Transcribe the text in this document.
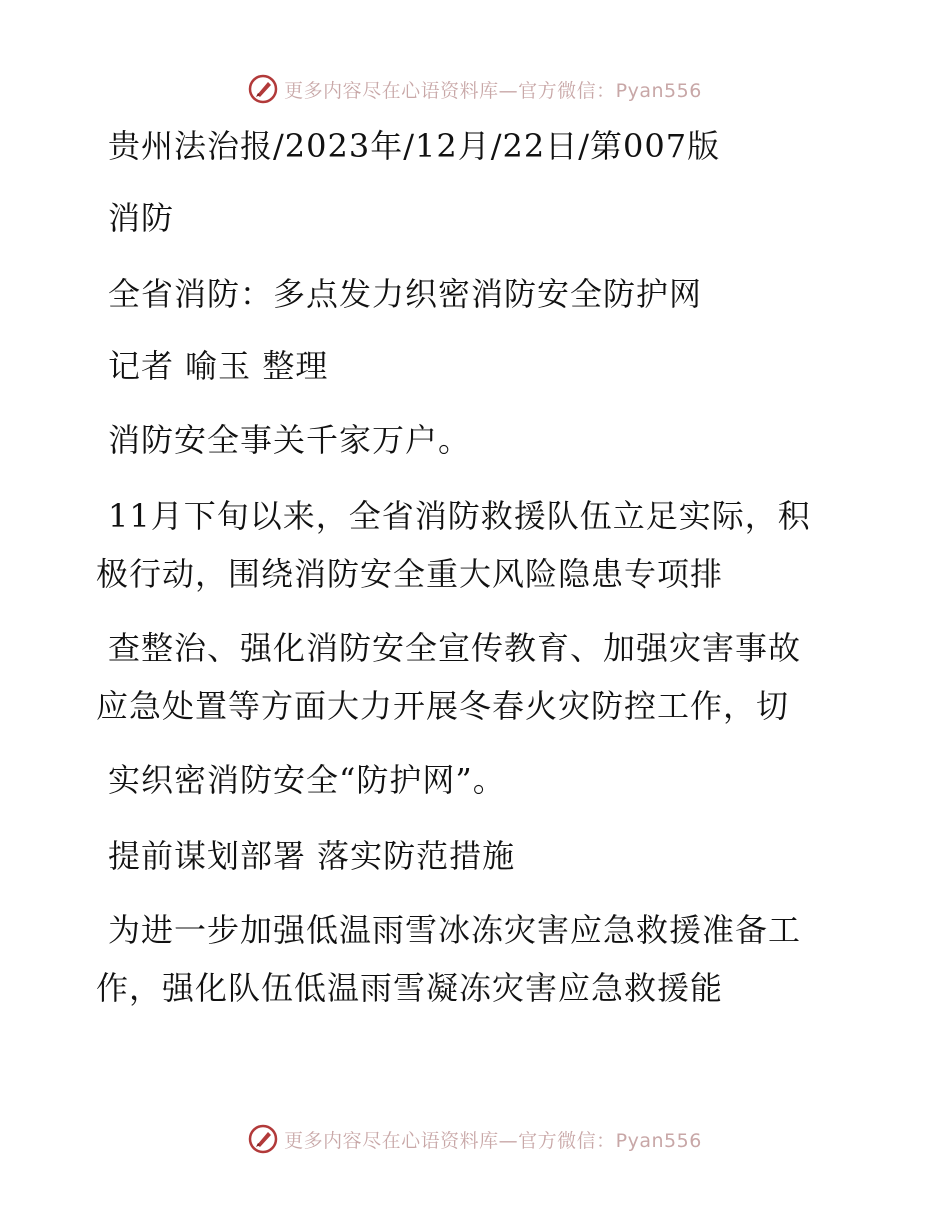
更多内容尽在心语资料库—官方微信：Pyan556
贵州法治报/2023年/12月/22日/第007版
消防
全省消防：多点发力织密消防安全防护网
记者 喻玉 整理
消防安全事关千家万户。
11月下旬以来，全省消防救援队伍立足实际，积
极行动，围绕消防安全重大风险隐患专项排
查整治、强化消防安全宣传教育、加强灾害事故
应急处置等方面大力开展冬春火灾防控工作，切
实织密消防安全“防护网”。
提前谋划部署 落实防范措施
为进一步加强低温雨雪冰冻灾害应急救援准备工
作，强化队伍低温雨雪凝冻灾害应急救援能
更多内容尽在心语资料库—官方微信：Pyan556
